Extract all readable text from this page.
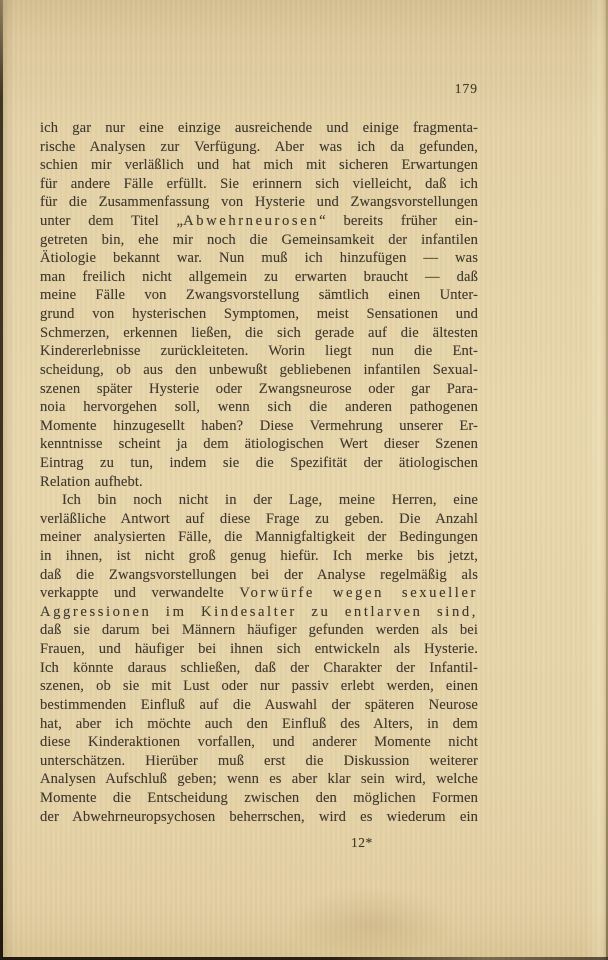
179
ich gar nur eine einzige ausreichende und einige fragmenta-
rische Analysen zur Verfügung. Aber was ich da gefunden,
schien mir verläßlich und hat mich mit sicheren Erwartungen
für andere Fälle erfüllt. Sie erinnern sich vielleicht, daß ich
für die Zusammenfassung von Hysterie und Zwangsvorstellungen
unter dem Titel „Abwehrneurosen“ bereits früher ein-
getreten bin, ehe mir noch die Gemeinsamkeit der infantilen
Ätiologie bekannt war. Nun muß ich hinzufügen — was
man freilich nicht allgemein zu erwarten braucht — daß
meine Fälle von Zwangsvorstellung sämtlich einen Unter-
grund von hysterischen Symptomen, meist Sensationen und
Schmerzen, erkennen ließen, die sich gerade auf die ältesten
Kindererlebnisse zurückleiteten. Worin liegt nun die Ent-
scheidung, ob aus den unbewußt gebliebenen infantilen Sexual-
szenen später Hysterie oder Zwangsneurose oder gar Para-
noia hervorgehen soll, wenn sich die anderen pathogenen
Momente hinzugesellt haben? Diese Vermehrung unserer Er-
kenntnisse scheint ja dem ätiologischen Wert dieser Szenen
Eintrag zu tun, indem sie die Spezifität der ätiologischen
Relation aufhebt.
Ich bin noch nicht in der Lage, meine Herren, eine
verläßliche Antwort auf diese Frage zu geben. Die Anzahl
meiner analysierten Fälle, die Mannigfaltigkeit der Bedingungen
in ihnen, ist nicht groß genug hiefür. Ich merke bis jetzt,
daß die Zwangsvorstellungen bei der Analyse regelmäßig als
verkappte und verwandelte Vorwürfe wegen sexueller
Aggressionen im Kindesalter zu entlarven sind,
daß sie darum bei Männern häufiger gefunden werden als bei
Frauen, und häufiger bei ihnen sich entwickeln als Hysterie.
Ich könnte daraus schließen, daß der Charakter der Infantil-
szenen, ob sie mit Lust oder nur passiv erlebt werden, einen
bestimmenden Einfluß auf die Auswahl der späteren Neurose
hat, aber ich möchte auch den Einfluß des Alters, in dem
diese Kinderaktionen vorfallen, und anderer Momente nicht
unterschätzen. Hierüber muß erst die Diskussion weiterer
Analysen Aufschluß geben; wenn es aber klar sein wird, welche
Momente die Entscheidung zwischen den möglichen Formen
der Abwehrneuropsychosen beherrschen, wird es wiederum ein
12*
